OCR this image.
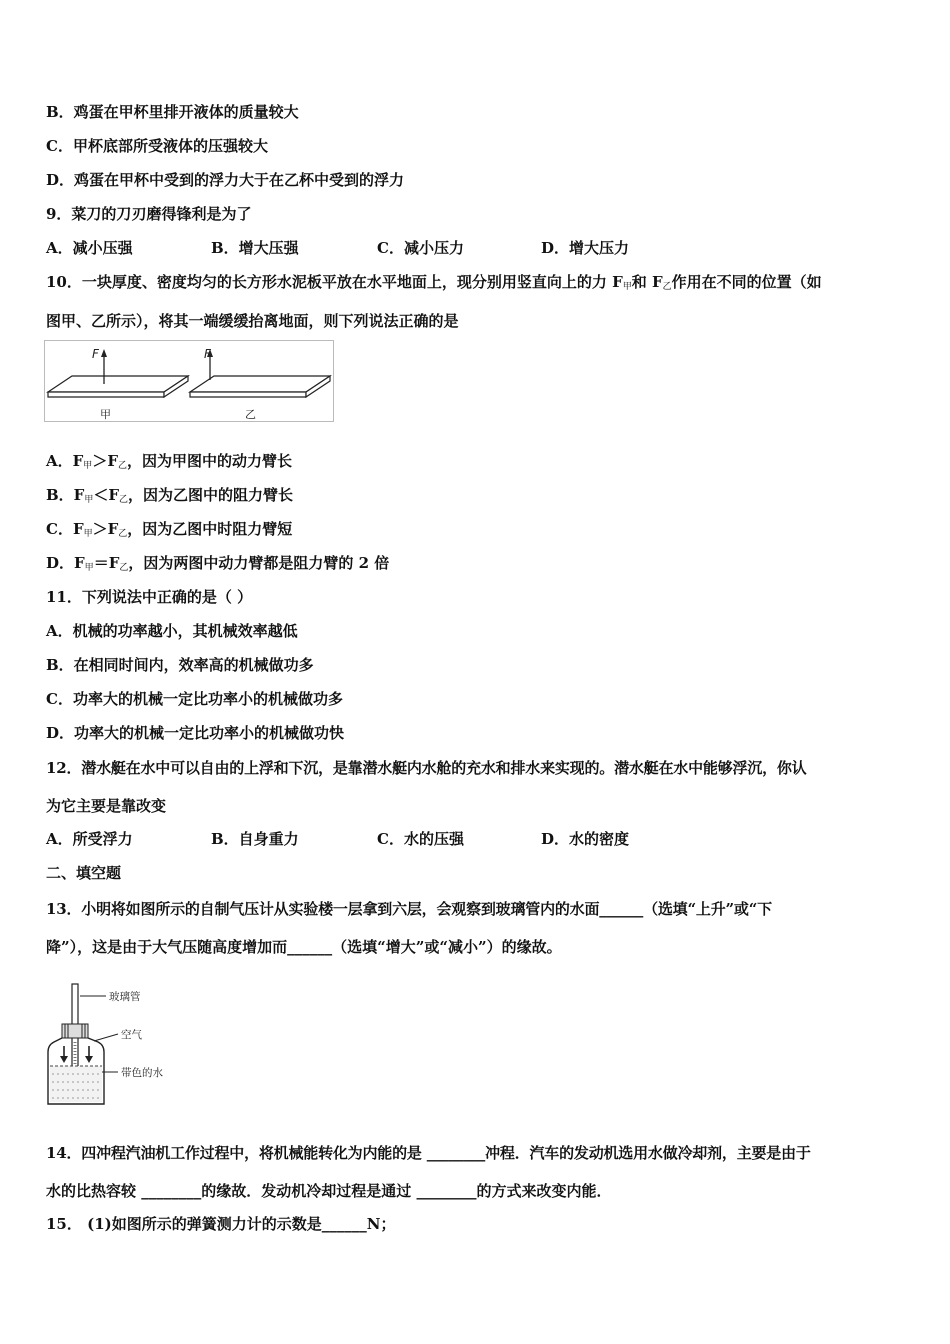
B．鸡蛋在甲杯里排开液体的质量较大
C．甲杯底部所受液体的压强较大
D．鸡蛋在甲杯中受到的浮力大于在乙杯中受到的浮力
9．菜刀的刀刃磨得锋利是为了
A．减小压强	B．增大压强	C．减小压力	D．增大压力
10．一块厚度、密度均匀的长方形水泥板平放在水平地面上，现分别用竖直向上的力 $F_甲$和 $F_乙$作用在不同的位置（如
图甲、乙所示），将其一端缓缓抬离地面，则下列说法正确的是
F
甲
F
乙
A．$F_甲>F_乙$，因为甲图中的动力臂长
B．$F_甲<F_乙$，因为乙图中的阻力臂长
C．$F_甲>F_乙$，因为乙图中时阻力臂短
D．$F_甲=F_乙$，因为两图中动力臂都是阻力臂的 2 倍
11．下列说法中正确的是（ ）
A．机械的功率越小，其机械效率越低
B．在相同时间内，效率高的机械做功多
C．功率大的机械一定比功率小的机械做功多
D．功率大的机械一定比功率小的机械做功快
12．潜水艇在水中可以自由的上浮和下沉，是靠潜水艇内水舱的充水和排水来实现的。潜水艇在水中能够浮沉，你认
为它主要是靠改变
A．所受浮力	B．自身重力	C．水的压强	D．水的密度
二、填空题
13．小明将如图所示的自制气压计从实验楼一层拿到六层，会观察到玻璃管内的水面______（选填“上升”或“下
降”），这是由于大气压随高度增加而______（选填“增大”或“减小”）的缘故。
玻璃管
空气
带色的水
14．四冲程汽油机工作过程中，将机械能转化为内能的是 ________冲程．汽车的发动机选用水做冷却剂，主要是由于
水的比热容较 ________的缘故．发动机冷却过程是通过 ________的方式来改变内能．
15． (1)如图所示的弹簧测力计的示数是______N；
